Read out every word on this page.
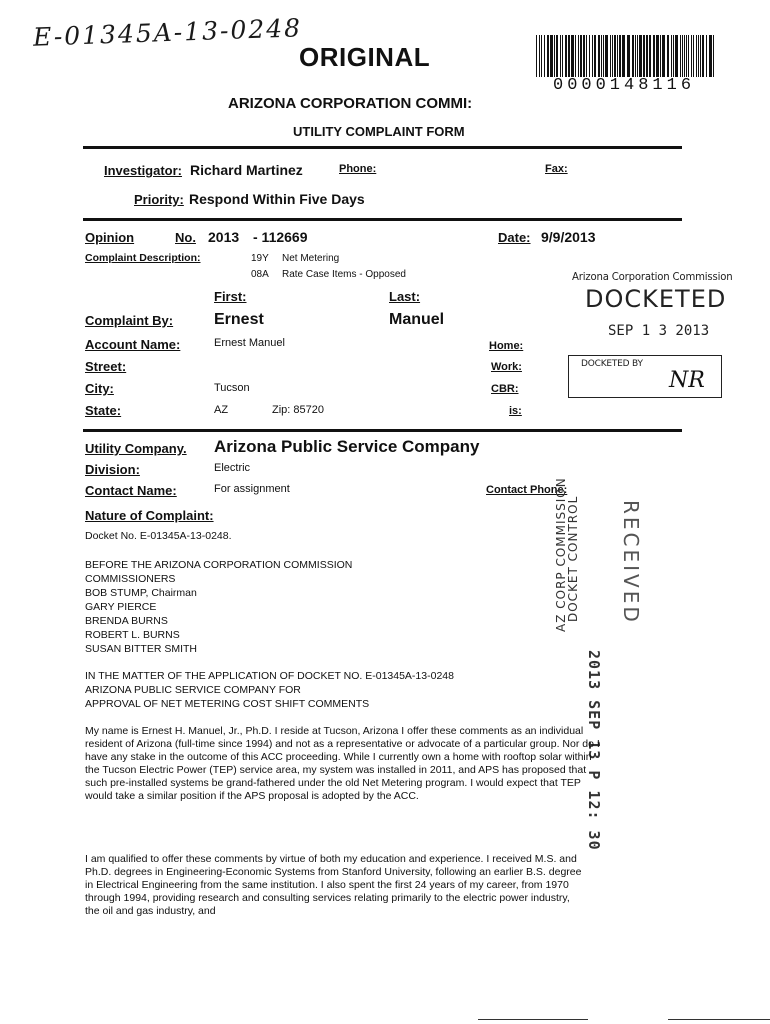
E-01345A-13-0248
ORIGINAL
0000148116
ARIZONA CORPORATION COMMI:
UTILITY COMPLAINT FORM
Investigator: Richard Martinez	Phone:	Fax:
Priority: Respond Within Five Days
Opinion	No. 2013 - 112669	Date: 9/9/2013
Complaint Description:	19Y Net Metering
08A Rate Case Items - Opposed
First:	Last:
Complaint By:	Ernest	Manuel
Account Name:	Ernest Manuel	Home:
Street:	Work:
City:	Tucson	CBR:
State:	AZ	Zip: 85720	is:
Arizona Corporation Commission
DOCKETED
SEP 1 3 2013
DOCKETED BY
NR
Utility Company. Arizona Public Service Company
Division:	Electric
Contact Name:	For assignment	Contact Phone:
Nature of Complaint:	AZ CORP COMMISSION
DOCKET CONTROL
2013 SEP 13 P 12: 30
RECEIVED
Docket No. E-01345A-13-0248.
BEFORE THE ARIZONA CORPORATION COMMISSION
COMMISSIONERS
BOB STUMP, Chairman
GARY PIERCE
BRENDA BURNS
ROBERT L. BURNS
SUSAN BITTER SMITH
IN THE MATTER OF THE APPLICATION OF DOCKET NO. E-01345A-13-0248
ARIZONA PUBLIC SERVICE COMPANY FOR
APPROVAL OF NET METERING COST SHIFT COMMENTS
My name is Ernest H. Manuel, Jr., Ph.D. I reside at Tucson, Arizona I offer these comments as an individual resident of Arizona (full-time since 1994) and not as a representative or advocate of a particular group. Nor do I have any stake in the outcome of this ACC proceeding. While I currently own a home with rooftop solar within the Tucson Electric Power (TEP) service area, my system was installed in 2011, and APS has proposed that such pre-installed systems be grand-fathered under the old Net Metering program. I would expect that TEP would take a similar position if the APS proposal is adopted by the ACC.
I am qualified to offer these comments by virtue of both my education and experience. I received M.S. and Ph.D. degrees in Engineering-Economic Systems from Stanford University, following an earlier B.S. degree in Electrical Engineering from the same institution. I also spent the first 24 years of my career, from 1970 through 1994, providing research and consulting services relating primarily to the electric power industry, the oil and gas industry, and
